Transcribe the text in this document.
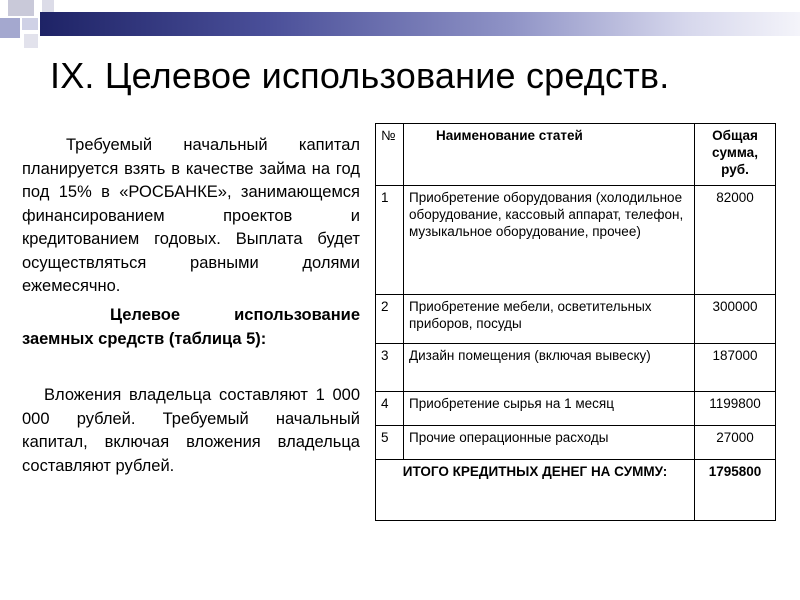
IX. Целевое использование средств.

Требуемый начальный капитал планируется взять в качестве займа на год под 15% в «РОСБАНКЕ», занимающемся финансированием проектов и кредитованием годовых. Выплата будет осуществляться равными долями ежемесячно.

Целевое использование заемных средств (таблица 5):

Вложения владельца составляют 1 000 000 рублей. Требуемый начальный капитал, включая вложения владельца составляют рублей.

№	Наименование статей	Общая сумма, руб.
1	Приобретение оборудования (холодильное оборудование, кассовый аппарат, телефон, музыкальное оборудование, прочее)	82000
2	Приобретение мебели, осветительных приборов, посуды	300000
3	Дизайн помещения (включая вывеску)	187000
4	Приобретение сырья на 1 месяц	1199800
5	Прочие операционные расходы	27000
ИТОГО КРЕДИТНЫХ ДЕНЕГ НА СУММУ:		1795800
